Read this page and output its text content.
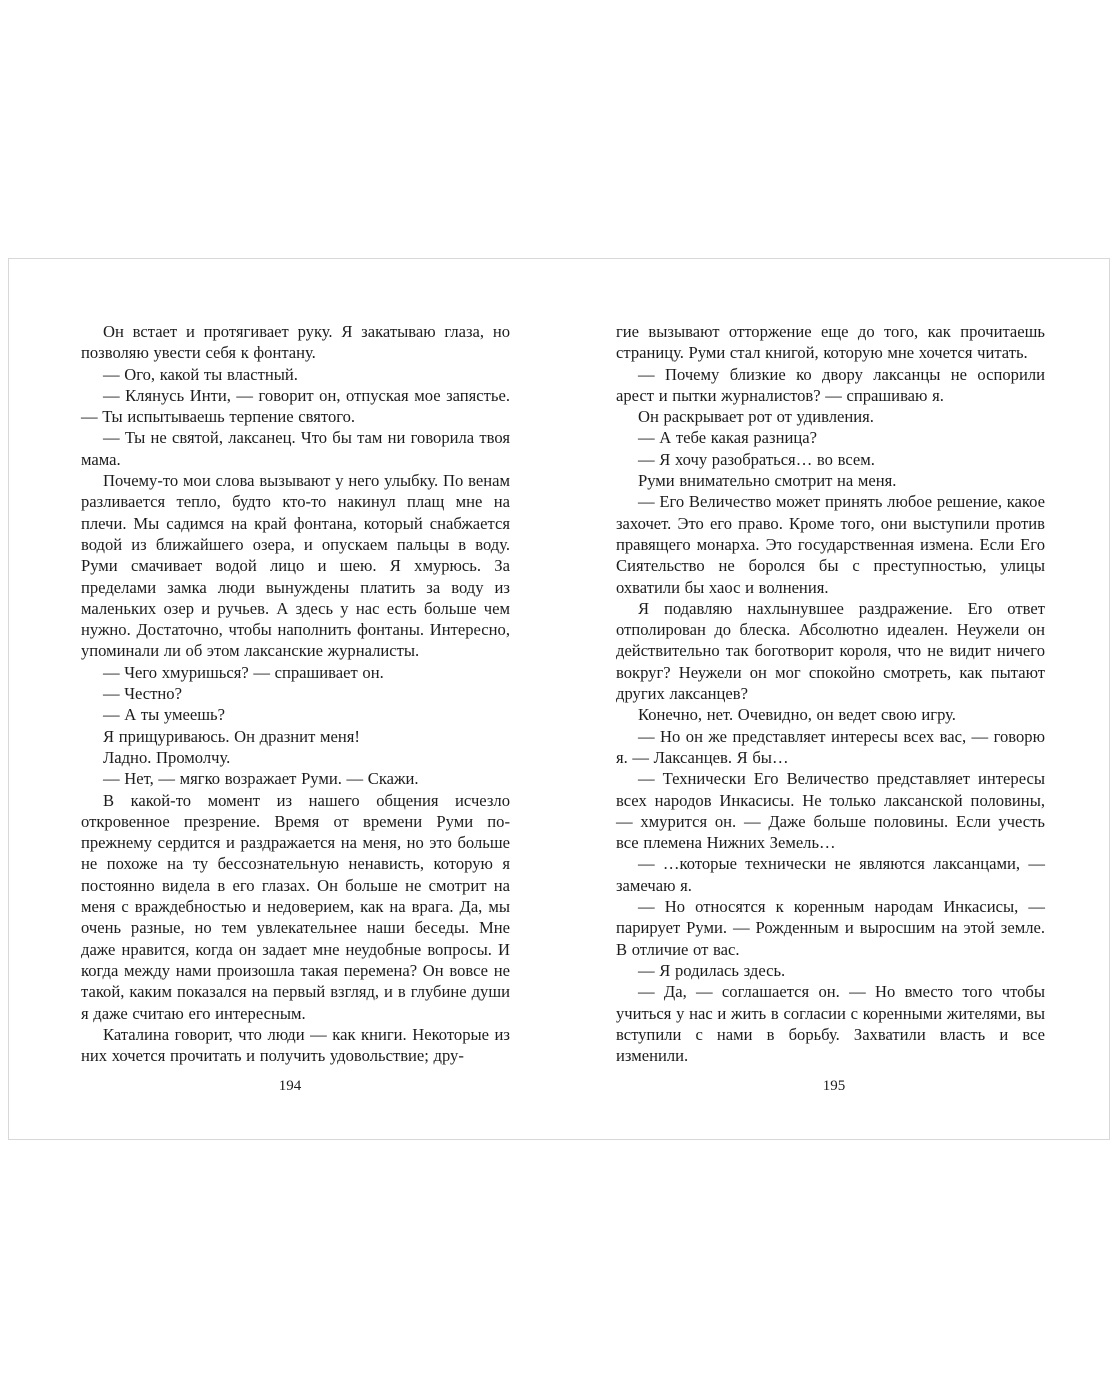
Он встает и протягивает руку. Я закатываю глаза, но позволяю увести себя к фонтану.

— Ого, какой ты властный.

— Клянусь Инти, — говорит он, отпуская мое запястье. — Ты испытываешь терпение святого.

— Ты не святой, лаксанец. Что бы там ни говорила твоя мама.

Почему-то мои слова вызывают у него улыбку. По венам разливается тепло, будто кто-то накинул плащ мне на плечи. Мы садимся на край фонтана, который снабжается водой из ближайшего озера, и опускаем пальцы в воду. Руми смачивает водой лицо и шею. Я хмурюсь. За пределами замка люди вынуждены платить за воду из маленьких озер и ручьев. А здесь у нас есть больше чем нужно. Достаточно, чтобы наполнить фонтаны. Интересно, упоминали ли об этом лаксанские журналисты.

— Чего хмуришься? — спрашивает он.

— Честно?

— А ты умеешь?

Я прищуриваюсь. Он дразнит меня!

Ладно. Промолчу.

— Нет, — мягко возражает Руми. — Скажи.

В какой-то момент из нашего общения исчезло откровенное презрение. Время от времени Руми по-прежнему сердится и раздражается на меня, но это больше не похоже на ту бессознательную ненависть, которую я постоянно видела в его глазах. Он больше не смотрит на меня с враждебностью и недоверием, как на врага. Да, мы очень разные, но тем увлекательнее наши беседы. Мне даже нравится, когда он задает мне неудобные вопросы. И когда между нами произошла такая перемена? Он вовсе не такой, каким показался на первый взгляд, и в глубине души я даже считаю его интересным.

Каталина говорит, что люди — как книги. Некоторые из них хочется прочитать и получить удовольствие; дру-

194

гие вызывают отторжение еще до того, как прочитаешь страницу. Руми стал книгой, которую мне хочется читать.

— Почему близкие ко двору лаксанцы не оспорили арест и пытки журналистов? — спрашиваю я.

Он раскрывает рот от удивления.

— А тебе какая разница?

— Я хочу разобраться… во всем.

Руми внимательно смотрит на меня.

— Его Величество может принять любое решение, какое захочет. Это его право. Кроме того, они выступили против правящего монарха. Это государственная измена. Если Его Сиятельство не боролся бы с преступностью, улицы охватили бы хаос и волнения.

Я подавляю нахлынувшее раздражение. Его ответ отполирован до блеска. Абсолютно идеален. Неужели он действительно так боготворит короля, что не видит ничего вокруг? Неужели он мог спокойно смотреть, как пытают других лаксанцев?

Конечно, нет. Очевидно, он ведет свою игру.

— Но он же представляет интересы всех вас, — говорю я. — Лаксанцев. Я бы…

— Технически Его Величество представляет интересы всех народов Инкасисы. Не только лаксанской половины, — хмурится он. — Даже больше половины. Если учесть все племена Нижних Земель…

— …которые технически не являются лаксанцами, — замечаю я.

— Но относятся к коренным народам Инкасисы, — парирует Руми. — Рожденным и выросшим на этой земле. В отличие от вас.

— Я родилась здесь.

— Да, — соглашается он. — Но вместо того чтобы учиться у нас и жить в согласии с коренными жителями, вы вступили с нами в борьбу. Захватили власть и все изменили.

195
